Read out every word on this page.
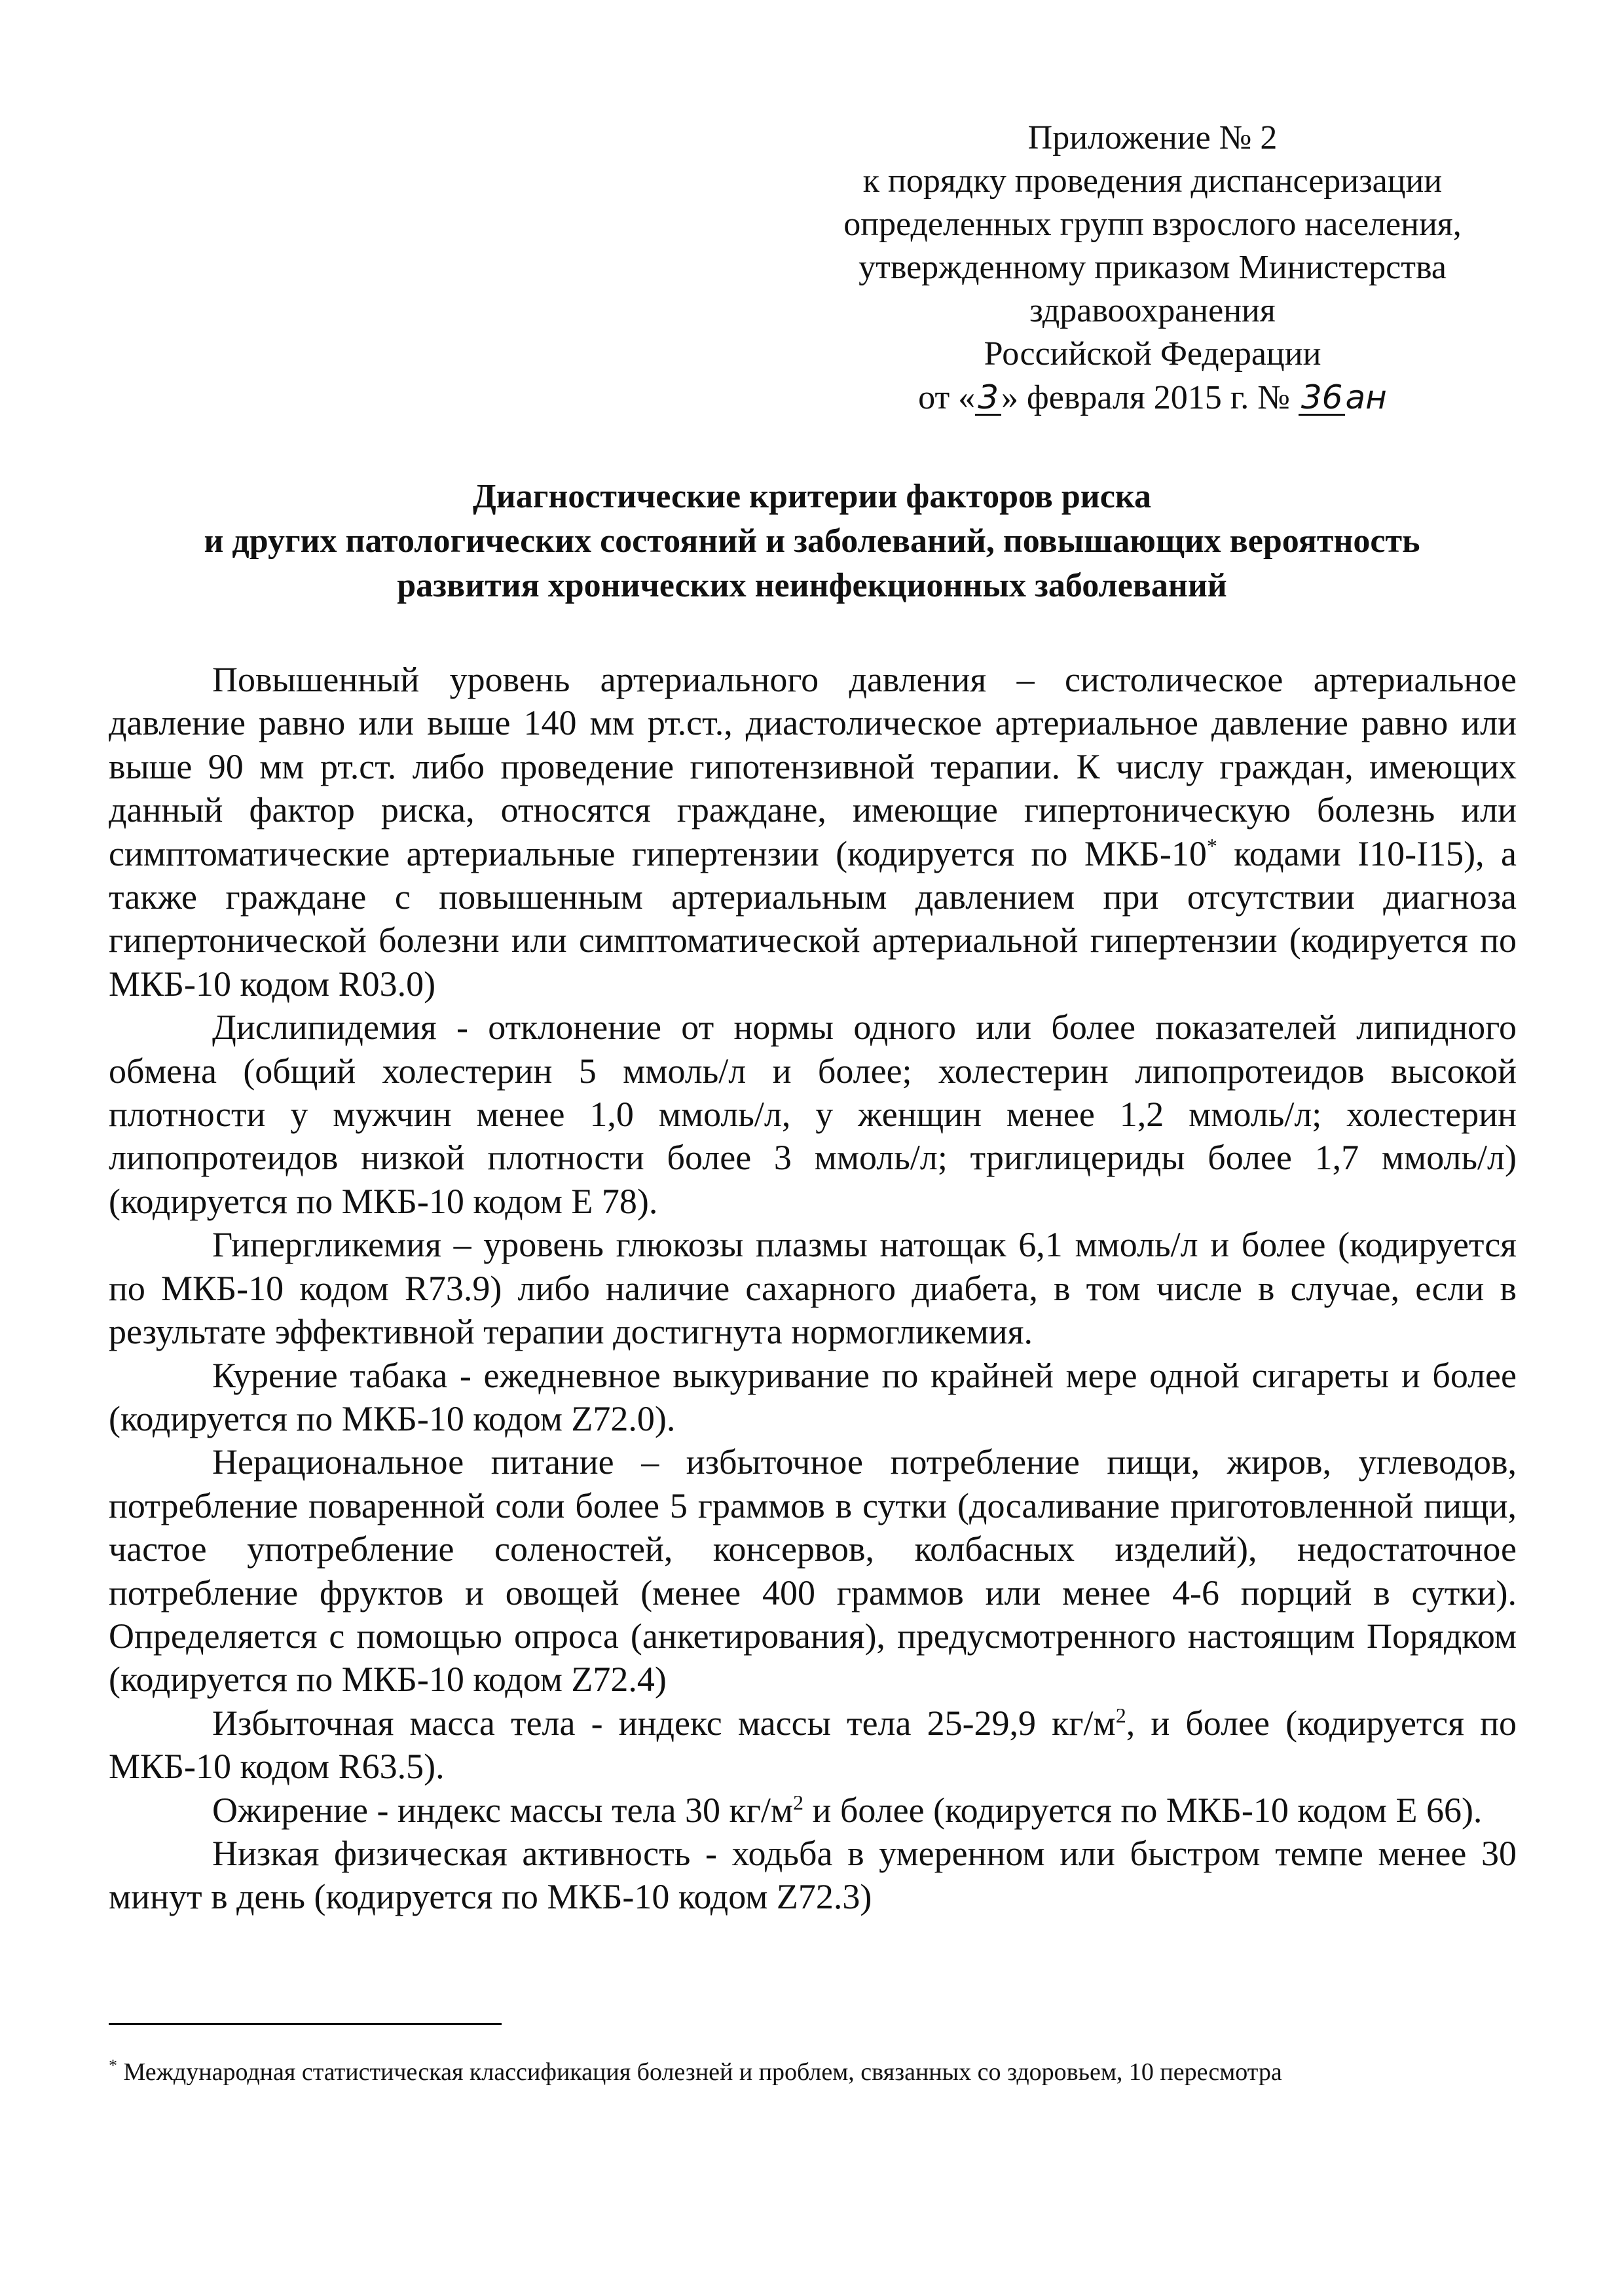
Приложение № 2
к порядку проведения диспансеризации
определенных групп взрослого населения,
утвержденному приказом Министерства
здравоохранения
Российской Федерации
от «3» февраля 2015 г. № 36ан
Диагностические критерии факторов риска
и других патологических состояний и заболеваний, повышающих вероятность
развития хронических неинфекционных заболеваний

Повышенный уровень артериального давления – систолическое артериальное давление равно или выше 140 мм рт.ст., диастолическое артериальное давление равно или выше 90 мм рт.ст. либо проведение гипотензивной терапии. К числу граждан, имеющих данный фактор риска, относятся граждане, имеющие гипертоническую болезнь или симптоматические артериальные гипертензии (кодируется по МКБ-10* кодами I10-I15), а также граждане с повышенным артериальным давлением при отсутствии диагноза гипертонической болезни или симптоматической артериальной гипертензии (кодируется по МКБ-10 кодом R03.0)

Дислипидемия - отклонение от нормы одного или более показателей липидного обмена (общий холестерин 5 ммоль/л и более; холестерин липопротеидов высокой плотности у мужчин менее 1,0 ммоль/л, у женщин менее 1,2 ммоль/л; холестерин липопротеидов низкой плотности более 3 ммоль/л; триглицериды более 1,7 ммоль/л) (кодируется по МКБ-10 кодом Е 78).

Гипергликемия – уровень глюкозы плазмы натощак 6,1 ммоль/л и более (кодируется по МКБ-10 кодом R73.9) либо наличие сахарного диабета, в том числе в случае, если в результате эффективной терапии достигнута нормогликемия.

Курение табака - ежедневное выкуривание по крайней мере одной сигареты и более (кодируется по МКБ-10 кодом Z72.0).

Нерациональное питание – избыточное потребление пищи, жиров, углеводов, потребление поваренной соли более 5 граммов в сутки (досаливание приготовленной пищи, частое употребление соленостей, консервов, колбасных изделий), недостаточное потребление фруктов и овощей (менее 400 граммов или менее 4-6 порций в сутки). Определяется с помощью опроса (анкетирования), предусмотренного настоящим Порядком (кодируется по МКБ-10 кодом Z72.4)

Избыточная масса тела - индекс массы тела 25-29,9 $кг/м^2$, и более (кодируется по МКБ-10 кодом R63.5).

Ожирение - индекс массы тела 30 $кг/м^2$ и более (кодируется по МКБ-10 кодом Е 66).

Низкая физическая активность - ходьба в умеренном или быстром темпе менее 30 минут в день (кодируется по МКБ-10 кодом Z72.3)

* Международная статистическая классификация болезней и проблем, связанных со здоровьем, 10 пересмотра
